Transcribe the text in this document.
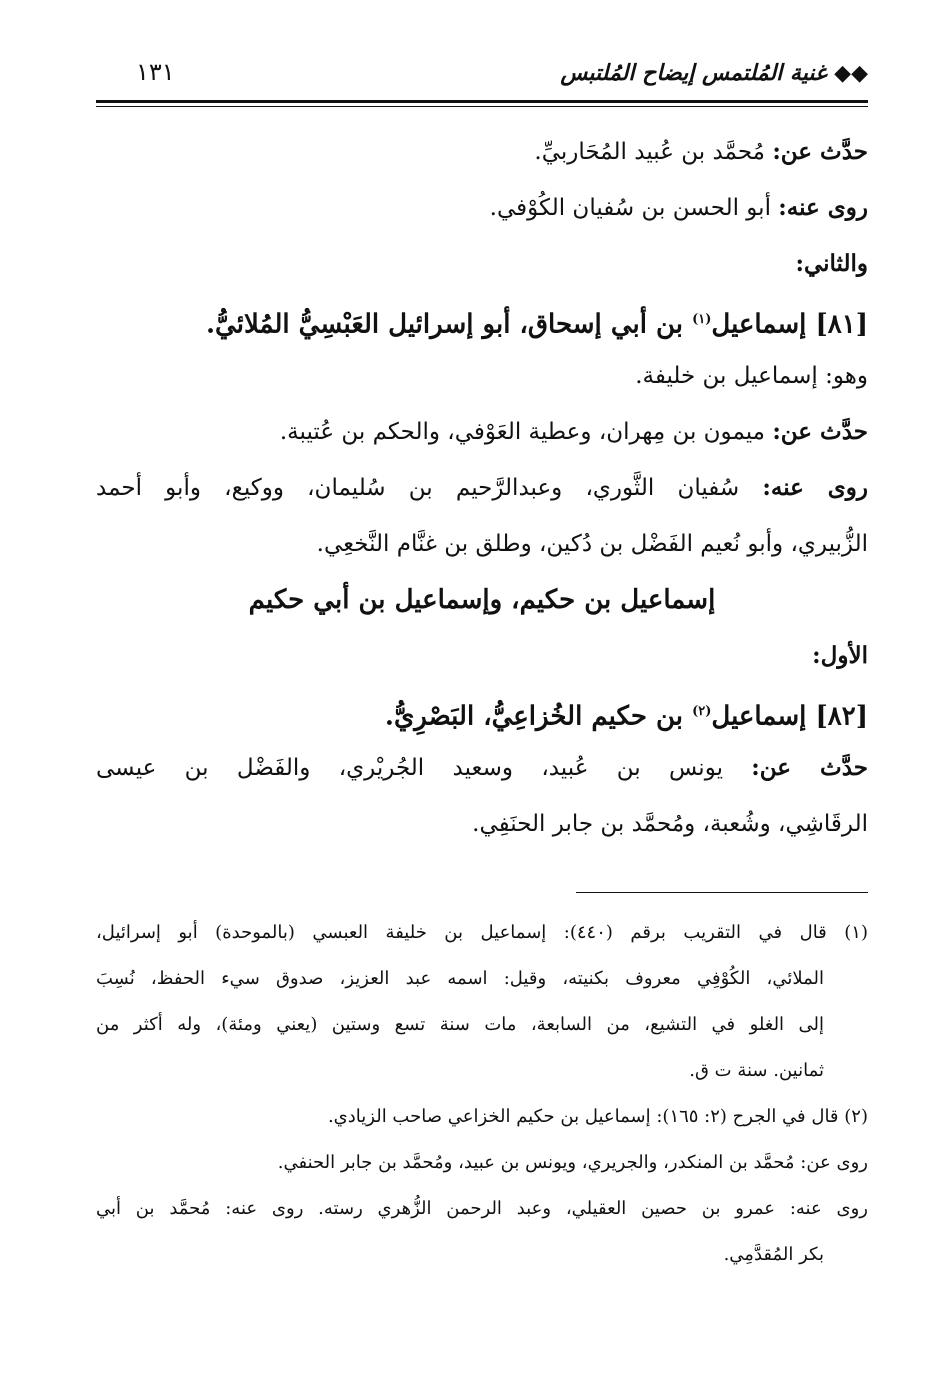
◆◆ غنية المُلتمس إيضاح المُلتبس
١٣١
حدَّث عن: مُحمَّد بن عُبيد المُحَاربيِّ.
روى عنه: أبو الحسن بن سُفيان الكُوْفي.
والثاني:
[٨١] إسماعيل$^{(١)}$ بن أبي إسحاق، أبو إسرائيل العَبْسِيُّ المُلائيُّ.
وهو: إسماعيل بن خليفة.
حدَّث عن: ميمون بن مِهران، وعطية العَوْفي، والحكم بن عُتيبة.
روى عنه: سُفيان الثَّوري، وعبدالرَّحيم بن سُليمان، ووكيع، وأبو أحمد
الزُّبيري، وأبو نُعيم الفَضْل بن دُكين، وطلق بن غنَّام النَّخعِي.
إسماعيل بن حكيم، وإسماعيل بن أبي حكيم
الأول:
[٨٢] إسماعيل$^{(٢)}$ بن حكيم الخُزاعِيُّ، البَصْرِيُّ.
حدَّث عن: يونس بن عُبيد، وسعيد الجُريْري، والفَضْل بن عيسى
الرقَاشِي، وشُعبة، ومُحمَّد بن جابر الحنَفِي.
(١) قال في التقريب برقم (٤٤٠): إسماعيل بن خليفة العبسي (بالموحدة) أبو إسرائيل،
الملائي، الكُوْفِي معروف بكنيته، وقيل: اسمه عبد العزيز، صدوق سيء الحفظ، نُسِبَ
إلى الغلو في التشيع، من السابعة، مات سنة تسع وستين (يعني ومئة)، وله أكثر من
ثمانين. سنة ت ق.
(٢) قال في الجرح (٢: ١٦٥): إسماعيل بن حكيم الخزاعي صاحب الزيادي.
روى عن: مُحمَّد بن المنكدر، والجريري، ويونس بن عبيد، ومُحمَّد بن جابر الحنفي.
روى عنه: عمرو بن حصين العقيلي، وعبد الرحمن الزُّهري رسته. روى عنه: مُحمَّد بن أبي
بكر المُقدَّمِي.
